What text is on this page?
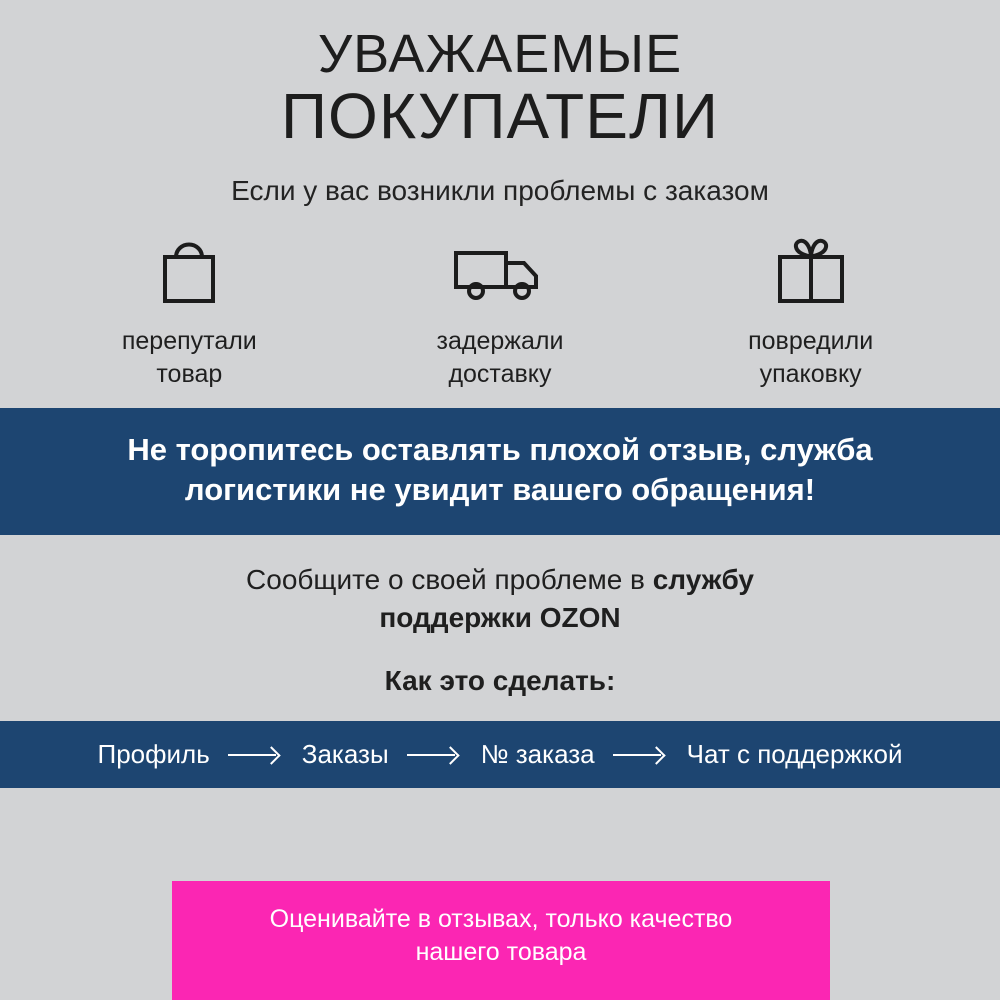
УВАЖАЕМЫЕ
ПОКУПАТЕЛИ
Если у вас возникли проблемы с заказом
перепутали
товар
задержали
доставку
повредили
упаковку
Не торопитесь оставлять плохой отзыв, служба
логистики не увидит вашего обращения!
Сообщите о своей проблеме в службу
поддержки OZON
Как это сделать:
Профиль	Заказы	№ заказа	Чат с поддержкой
Оценивайте в отзывах, только качество
нашего товара
